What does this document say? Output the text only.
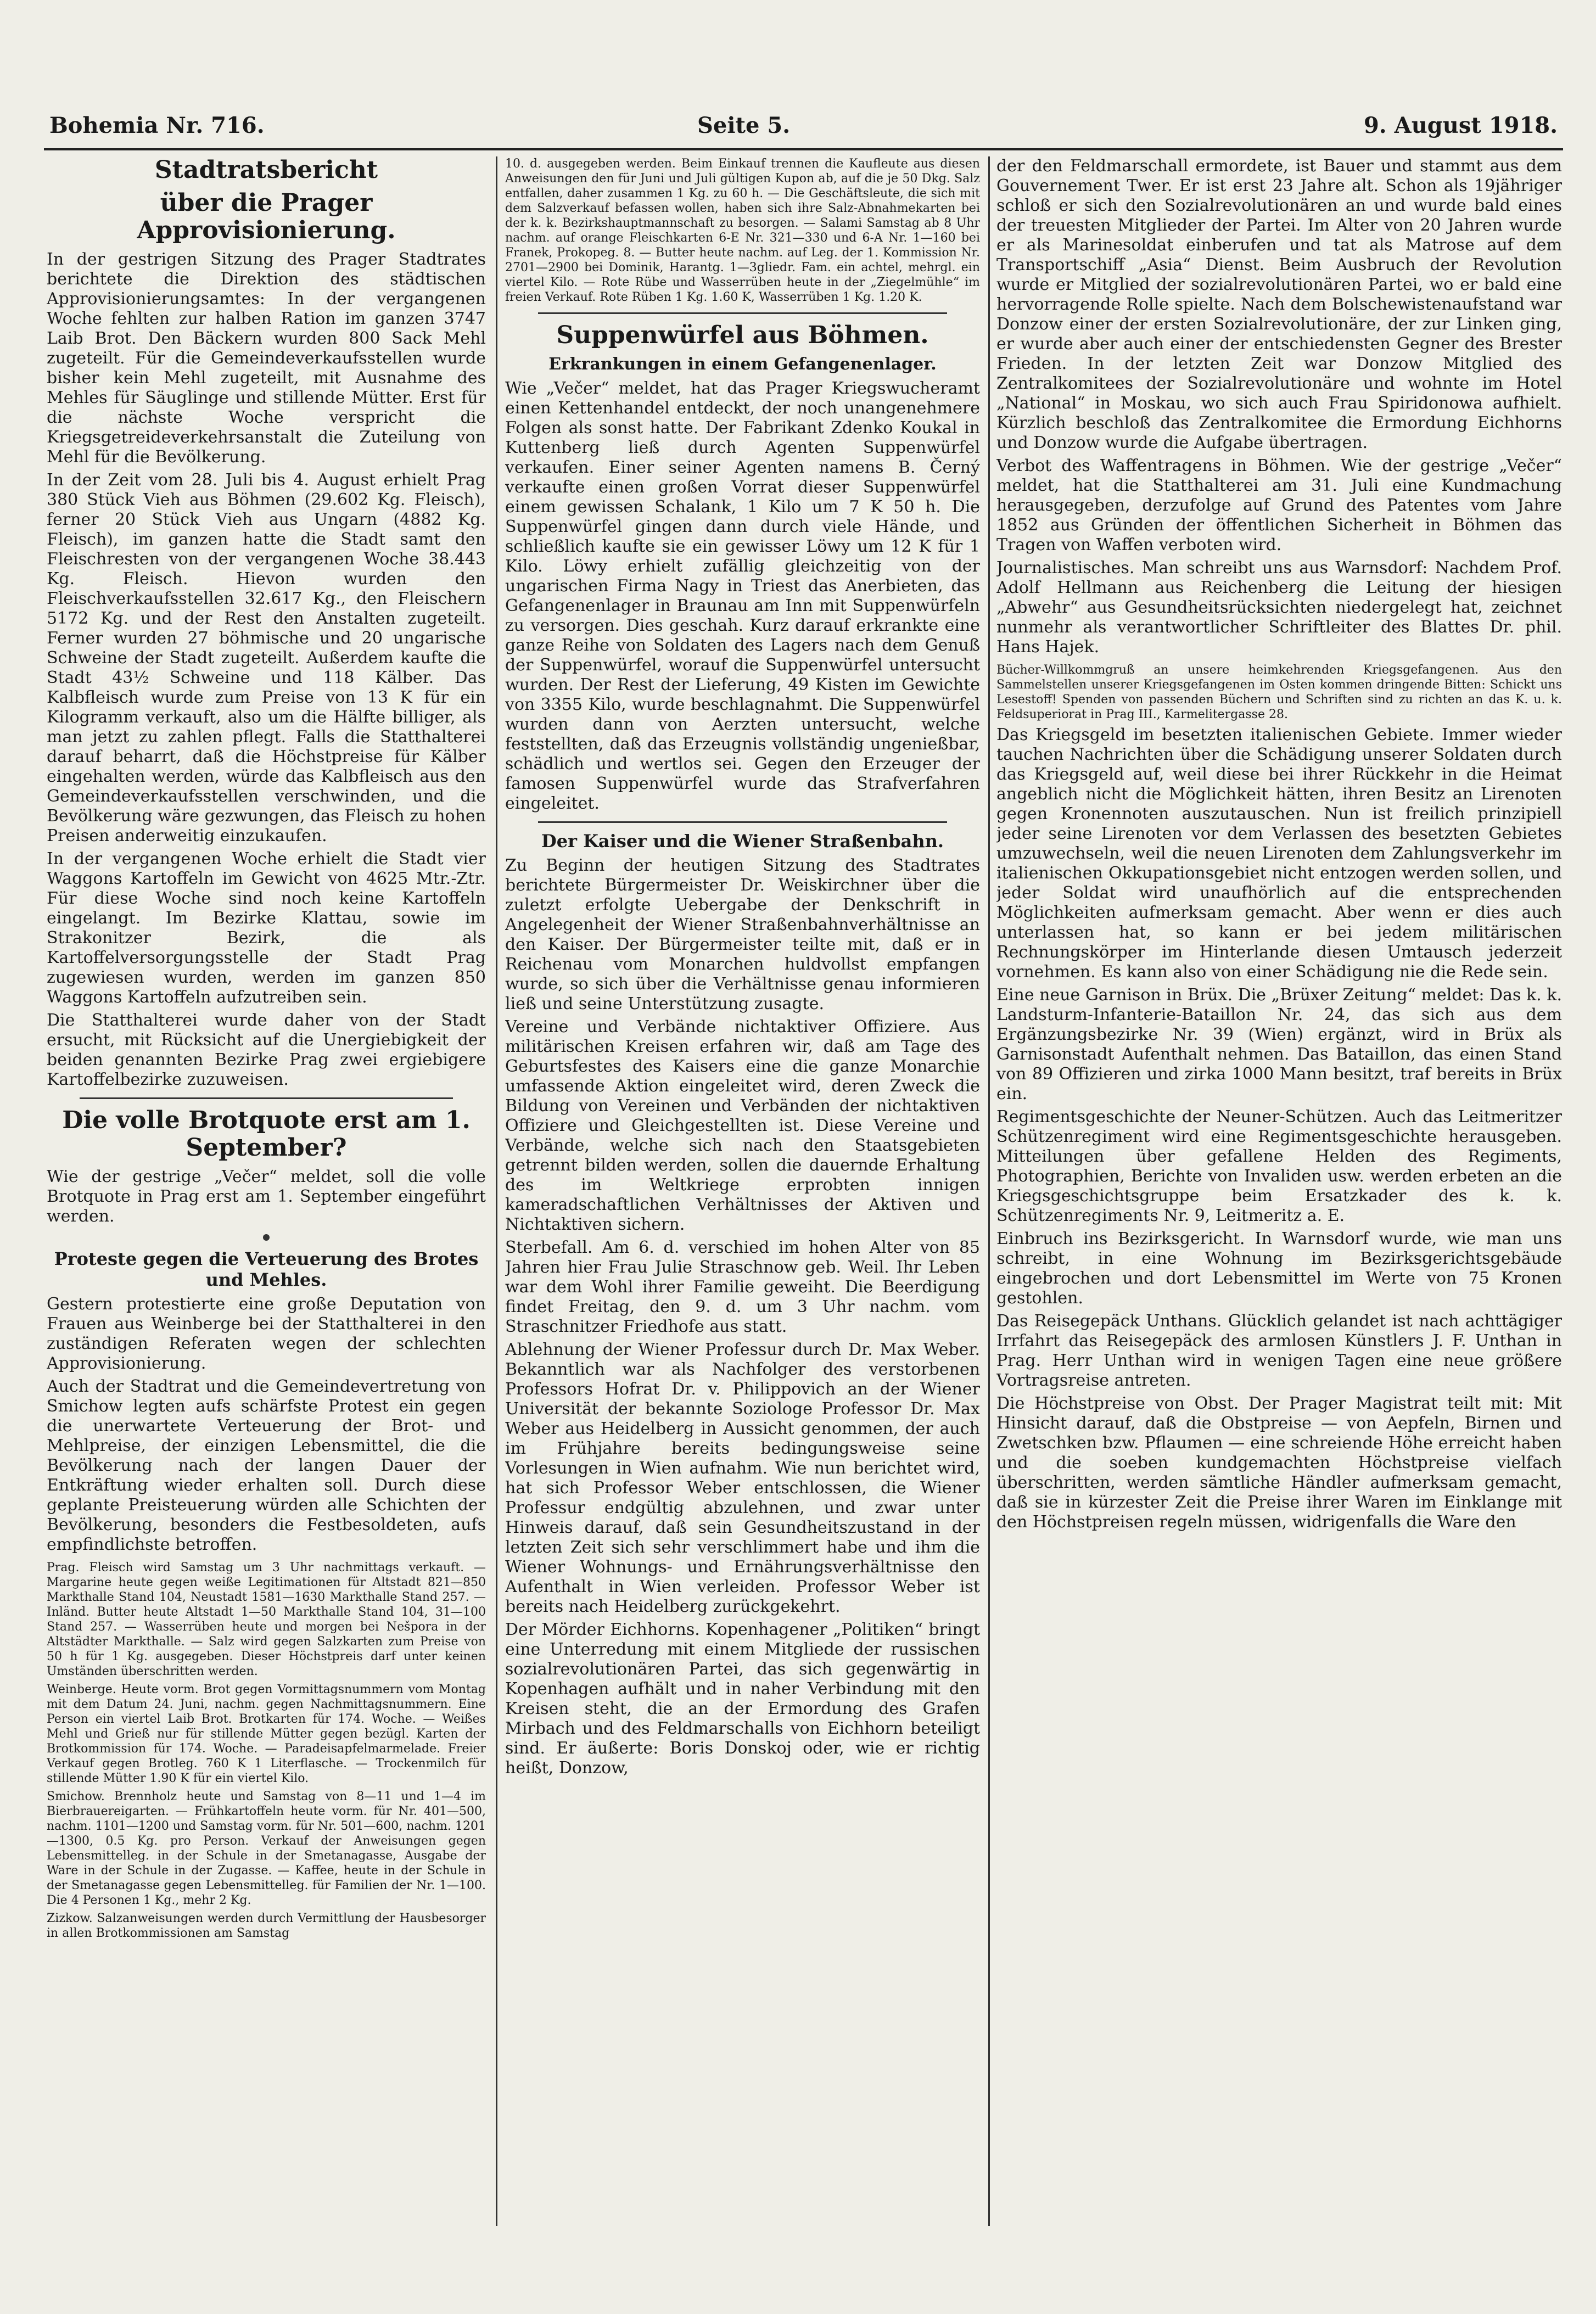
Bohemia Nr. 716.	Seite 5.	9. August 1918.
Stadtratsbericht
über die Prager Approvisionierung.

In der gestrigen Sitzung des Prager Stadtrates berichtete die Direktion des städtischen Approvisionierungsamtes: In der vergangenen Woche fehlten zur halben Ration im ganzen 3747 Laib Brot. Den Bäckern wurden 800 Sack Mehl zugeteilt. Für die Gemeindeverkaufsstellen wurde bisher kein Mehl zugeteilt, mit Ausnahme des Mehles für Säuglinge und stillende Mütter. Erst für die nächste Woche verspricht die Kriegsgetreideverkehrsanstalt die Zuteilung von Mehl für die Bevölkerung.

In der Zeit vom 28. Juli bis 4. August erhielt Prag 380 Stück Vieh aus Böhmen (29.602 Kg. Fleisch), ferner 20 Stück Vieh aus Ungarn (4882 Kg. Fleisch), im ganzen hatte die Stadt samt den Fleischresten von der vergangenen Woche 38.443 Kg. Fleisch. Hievon wurden den Fleischverkaufsstellen 32.617 Kg., den Fleischern 5172 Kg. und der Rest den Anstalten zugeteilt. Ferner wurden 27 böhmische und 20 ungarische Schweine der Stadt zugeteilt. Außerdem kaufte die Stadt 43½ Schweine und 118 Kälber. Das Kalbfleisch wurde zum Preise von 13 K für ein Kilogramm verkauft, also um die Hälfte billiger, als man jetzt zu zahlen pflegt. Falls die Statthalterei darauf beharrt, daß die Höchstpreise für Kälber eingehalten werden, würde das Kalbfleisch aus den Gemeindeverkaufsstellen verschwinden, und die Bevölkerung wäre gezwungen, das Fleisch zu hohen Preisen anderweitig einzukaufen.

In der vergangenen Woche erhielt die Stadt vier Waggons Kartoffeln im Gewicht von 4625 Mtr.-Ztr. Für diese Woche sind noch keine Kartoffeln eingelangt. Im Bezirke Klattau, sowie im Strakonitzer Bezirk, die als Kartoffelversorgungsstelle der Stadt Prag zugewiesen wurden, werden im ganzen 850 Waggons Kartoffeln aufzutreiben sein.

Die Statthalterei wurde daher von der Stadt ersucht, mit Rücksicht auf die Unergiebigkeit der beiden genannten Bezirke Prag zwei ergiebigere Kartoffelbezirke zuzuweisen.

Die volle Brotquote erst am 1. September?

Wie der gestrige „Večer“ meldet, soll die volle Brotquote in Prag erst am 1. September eingeführt werden.

Proteste gegen die Verteuerung des Brotes und Mehles.

Gestern protestierte eine große Deputation von Frauen aus Weinberge bei der Statthalterei in den zuständigen Referaten wegen der schlechten Approvisionierung.

Auch der Stadtrat und die Gemeindevertretung von Smichow legten aufs schärfste Protest ein gegen die unerwartete Verteuerung der Brot- und Mehlpreise, der einzigen Lebensmittel, die die Bevölkerung nach der langen Dauer der Entkräftung wieder erhalten soll. Durch diese geplante Preisteuerung würden alle Schichten der Bevölkerung, besonders die Festbesoldeten, aufs empfindlichste betroffen.

Prag. Fleisch wird Samstag um 3 Uhr nachmittags verkauft. — Margarine heute gegen weiße Legitimationen für Altstadt 821—850 Markthalle Stand 104, Neustadt 1581—1630 Markthalle Stand 257. — Inländ. Butter heute Altstadt 1—50 Markthalle Stand 104, 31—100 Stand 257. — Wasserrüben heute und morgen bei Nešpora in der Altstädter Markthalle. — Salz wird gegen Salzkarten zum Preise von 50 h für 1 Kg. ausgegeben. Dieser Höchstpreis darf unter keinen Umständen überschritten werden.

Weinberge. Heute vorm. Brot gegen Vormittagsnummern vom Montag mit dem Datum 24. Juni, nachm. gegen Nachmittagsnummern. Eine Person ein viertel Laib Brot. Brotkarten für 174. Woche. — Weißes Mehl und Grieß nur für stillende Mütter gegen bezügl. Karten der Brotkommission für 174. Woche. — Paradeisapfelmarmelade. Freier Verkauf gegen Brotleg. 760 K 1 Literflasche. — Trockenmilch für stillende Mütter 1.90 K für ein viertel Kilo.

Smichow. Brennholz heute und Samstag von 8—11 und 1—4 im Bierbrauereigarten. — Frühkartoffeln heute vorm. für Nr. 401—500, nachm. 1101—1200 und Samstag vorm. für Nr. 501—600, nachm. 1201—1300, 0.5 Kg. pro Person. Verkauf der Anweisungen gegen Lebensmittelleg. in der Schule in der Smetanagasse, Ausgabe der Ware in der Schule in der Zugasse. — Kaffee, heute in der Schule in der Smetanagasse gegen Lebensmittelleg. für Familien der Nr. 1—100. Die 4 Personen 1 Kg., mehr 2 Kg.

Zizkow. Salzanweisungen werden durch Vermittlung der Hausbesorger in allen Brotkommissionen am Samstag

10. d. ausgegeben werden. Beim Einkauf trennen die Kaufleute aus diesen Anweisungen den für Juni und Juli gültigen Kupon ab, auf die je 50 Dkg. Salz entfallen, daher zusammen 1 Kg. zu 60 h. — Die Geschäftsleute, die sich mit dem Salzverkauf befassen wollen, haben sich ihre Salz-Abnahmekarten bei der k. k. Bezirkshauptmannschaft zu besorgen. — Salami Samstag ab 8 Uhr nachm. auf orange Fleischkarten 6-E Nr. 321—330 und 6-A Nr. 1—160 bei Franek, Prokopeg. 8. — Butter heute nachm. auf Leg. der 1. Kommission Nr. 2701—2900 bei Dominik, Harantg. 1—3gliedr. Fam. ein achtel, mehrgl. ein viertel Kilo. — Rote Rübe und Wasserrüben heute in der „Ziegelmühle“ im freien Verkauf. Rote Rüben 1 Kg. 1.60 K, Wasserrüben 1 Kg. 1.20 K.

Suppenwürfel aus Böhmen.
Erkrankungen in einem Gefangenenlager.

Wie „Večer“ meldet, hat das Prager Kriegswucheramt einen Kettenhandel entdeckt, der noch unangenehmere Folgen als sonst hatte. Der Fabrikant Zdenko Koukal in Kuttenberg ließ durch Agenten Suppenwürfel verkaufen. Einer seiner Agenten namens B. Černý verkaufte einen großen Vorrat dieser Suppenwürfel einem gewissen Schalank, 1 Kilo um 7 K 50 h. Die Suppenwürfel gingen dann durch viele Hände, und schließlich kaufte sie ein gewisser Löwy um 12 K für 1 Kilo. Löwy erhielt zufällig gleichzeitig von der ungarischen Firma Nagy in Triest das Anerbieten, das Gefangenenlager in Braunau am Inn mit Suppenwürfeln zu versorgen. Dies geschah. Kurz darauf erkrankte eine ganze Reihe von Soldaten des Lagers nach dem Genuß der Suppenwürfel, worauf die Suppenwürfel untersucht wurden. Der Rest der Lieferung, 49 Kisten im Gewichte von 3355 Kilo, wurde beschlagnahmt. Die Suppenwürfel wurden dann von Aerzten untersucht, welche feststellten, daß das Erzeugnis vollständig ungenießbar, schädlich und wertlos sei. Gegen den Erzeuger der famosen Suppenwürfel wurde das Strafverfahren eingeleitet.

Der Kaiser und die Wiener Straßenbahn.

Zu Beginn der heutigen Sitzung des Stadtrates berichtete Bürgermeister Dr. Weiskirchner über die zuletzt erfolgte Uebergabe der Denkschrift in Angelegenheit der Wiener Straßenbahnverhältnisse an den Kaiser. Der Bürgermeister teilte mit, daß er in Reichenau vom Monarchen huldvollst empfangen wurde, so sich über die Verhältnisse genau informieren ließ und seine Unterstützung zusagte.

Vereine und Verbände nichtaktiver Offiziere. Aus militärischen Kreisen erfahren wir, daß am Tage des Geburtsfestes des Kaisers eine die ganze Monarchie umfassende Aktion eingeleitet wird, deren Zweck die Bildung von Vereinen und Verbänden der nichtaktiven Offiziere und Gleichgestellten ist. Diese Vereine und Verbände, welche sich nach den Staatsgebieten getrennt bilden werden, sollen die dauernde Erhaltung des im Weltkriege erprobten innigen kameradschaftlichen Verhältnisses der Aktiven und Nichtaktiven sichern.

Sterbefall. Am 6. d. verschied im hohen Alter von 85 Jahren hier Frau Julie Straschnow geb. Weil. Ihr Leben war dem Wohl ihrer Familie geweiht. Die Beerdigung findet Freitag, den 9. d. um 3 Uhr nachm. vom Straschnitzer Friedhofe aus statt.

Ablehnung der Wiener Professur durch Dr. Max Weber. Bekanntlich war als Nachfolger des verstorbenen Professors Hofrat Dr. v. Philippovich an der Wiener Universität der bekannte Soziologe Professor Dr. Max Weber aus Heidelberg in Aussicht genommen, der auch im Frühjahre bereits bedingungsweise seine Vorlesungen in Wien aufnahm. Wie nun berichtet wird, hat sich Professor Weber entschlossen, die Wiener Professur endgültig abzulehnen, und zwar unter Hinweis darauf, daß sein Gesundheitszustand in der letzten Zeit sich sehr verschlimmert habe und ihm die Wiener Wohnungs- und Ernährungsverhältnisse den Aufenthalt in Wien verleiden. Professor Weber ist bereits nach Heidelberg zurückgekehrt.

Der Mörder Eichhorns. Kopenhagener „Politiken“ bringt eine Unterredung mit einem Mitgliede der russischen sozialrevolutionären Partei, das sich gegenwärtig in Kopenhagen aufhält und in naher Verbindung mit den Kreisen steht, die an der Ermordung des Grafen Mirbach und des Feldmarschalls von Eichhorn beteiligt sind. Er äußerte: Boris Donskoj oder, wie er richtig heißt, Donzow,

der den Feldmarschall ermordete, ist Bauer und stammt aus dem Gouvernement Twer. Er ist erst 23 Jahre alt. Schon als 19jähriger schloß er sich den Sozialrevolutionären an und wurde bald eines der treuesten Mitglieder der Partei. Im Alter von 20 Jahren wurde er als Marinesoldat einberufen und tat als Matrose auf dem Transportschiff „Asia“ Dienst. Beim Ausbruch der Revolution wurde er Mitglied der sozialrevolutionären Partei, wo er bald eine hervorragende Rolle spielte. Nach dem Bolschewistenaufstand war Donzow einer der ersten Sozialrevolutionäre, der zur Linken ging, er wurde aber auch einer der entschiedensten Gegner des Brester Frieden. In der letzten Zeit war Donzow Mitglied des Zentralkomitees der Sozialrevolutionäre und wohnte im Hotel „National“ in Moskau, wo sich auch Frau Spiridonowa aufhielt. Kürzlich beschloß das Zentralkomitee die Ermordung Eichhorns und Donzow wurde die Aufgabe übertragen.

Verbot des Waffentragens in Böhmen. Wie der gestrige „Večer“ meldet, hat die Statthalterei am 31. Juli eine Kundmachung herausgegeben, derzufolge auf Grund des Patentes vom Jahre 1852 aus Gründen der öffentlichen Sicherheit in Böhmen das Tragen von Waffen verboten wird.

Journalistisches. Man schreibt uns aus Warnsdorf: Nachdem Prof. Adolf Hellmann aus Reichenberg die Leitung der hiesigen „Abwehr“ aus Gesundheitsrücksichten niedergelegt hat, zeichnet nunmehr als verantwortlicher Schriftleiter des Blattes Dr. phil. Hans Hajek.

Bücher-Willkommgruß an unsere heimkehrenden Kriegsgefangenen. Aus den Sammelstellen unserer Kriegsgefangenen im Osten kommen dringende Bitten: Schickt uns Lesestoff! Spenden von passenden Büchern und Schriften sind zu richten an das K. u. k. Feldsuperiorat in Prag III., Karmelitergasse 28.

Das Kriegsgeld im besetzten italienischen Gebiete. Immer wieder tauchen Nachrichten über die Schädigung unserer Soldaten durch das Kriegsgeld auf, weil diese bei ihrer Rückkehr in die Heimat angeblich nicht die Möglichkeit hätten, ihren Besitz an Lirenoten gegen Kronennoten auszutauschen. Nun ist freilich prinzipiell jeder seine Lirenoten vor dem Verlassen des besetzten Gebietes umzuwechseln, weil die neuen Lirenoten dem Zahlungsverkehr im italienischen Okkupationsgebiet nicht entzogen werden sollen, und jeder Soldat wird unaufhörlich auf die entsprechenden Möglichkeiten aufmerksam gemacht. Aber wenn er dies auch unterlassen hat, so kann er bei jedem militärischen Rechnungskörper im Hinterlande diesen Umtausch jederzeit vornehmen. Es kann also von einer Schädigung nie die Rede sein.

Eine neue Garnison in Brüx. Die „Brüxer Zeitung“ meldet: Das k. k. Landsturm-Infanterie-Bataillon Nr. 24, das sich aus dem Ergänzungsbezirke Nr. 39 (Wien) ergänzt, wird in Brüx als Garnisonstadt Aufenthalt nehmen. Das Bataillon, das einen Stand von 89 Offizieren und zirka 1000 Mann besitzt, traf bereits in Brüx ein.

Regimentsgeschichte der Neuner-Schützen. Auch das Leitmeritzer Schützenregiment wird eine Regimentsgeschichte herausgeben. Mitteilungen über gefallene Helden des Regiments, Photographien, Berichte von Invaliden usw. werden erbeten an die Kriegsgeschichtsgruppe beim Ersatzkader des k. k. Schützenregiments Nr. 9, Leitmeritz a. E.

Einbruch ins Bezirksgericht. In Warnsdorf wurde, wie man uns schreibt, in eine Wohnung im Bezirksgerichtsgebäude eingebrochen und dort Lebensmittel im Werte von 75 Kronen gestohlen.

Das Reisegepäck Unthans. Glücklich gelandet ist nach achttägiger Irrfahrt das Reisegepäck des armlosen Künstlers J. F. Unthan in Prag. Herr Unthan wird in wenigen Tagen eine neue größere Vortragsreise antreten.

Die Höchstpreise von Obst. Der Prager Magistrat teilt mit: Mit Hinsicht darauf, daß die Obstpreise — von Aepfeln, Birnen und Zwetschken bzw. Pflaumen — eine schreiende Höhe erreicht haben und die soeben kundgemachten Höchstpreise vielfach überschritten, werden sämtliche Händler aufmerksam gemacht, daß sie in kürzester Zeit die Preise ihrer Waren im Einklange mit den Höchstpreisen regeln müssen, widrigenfalls die Ware den
